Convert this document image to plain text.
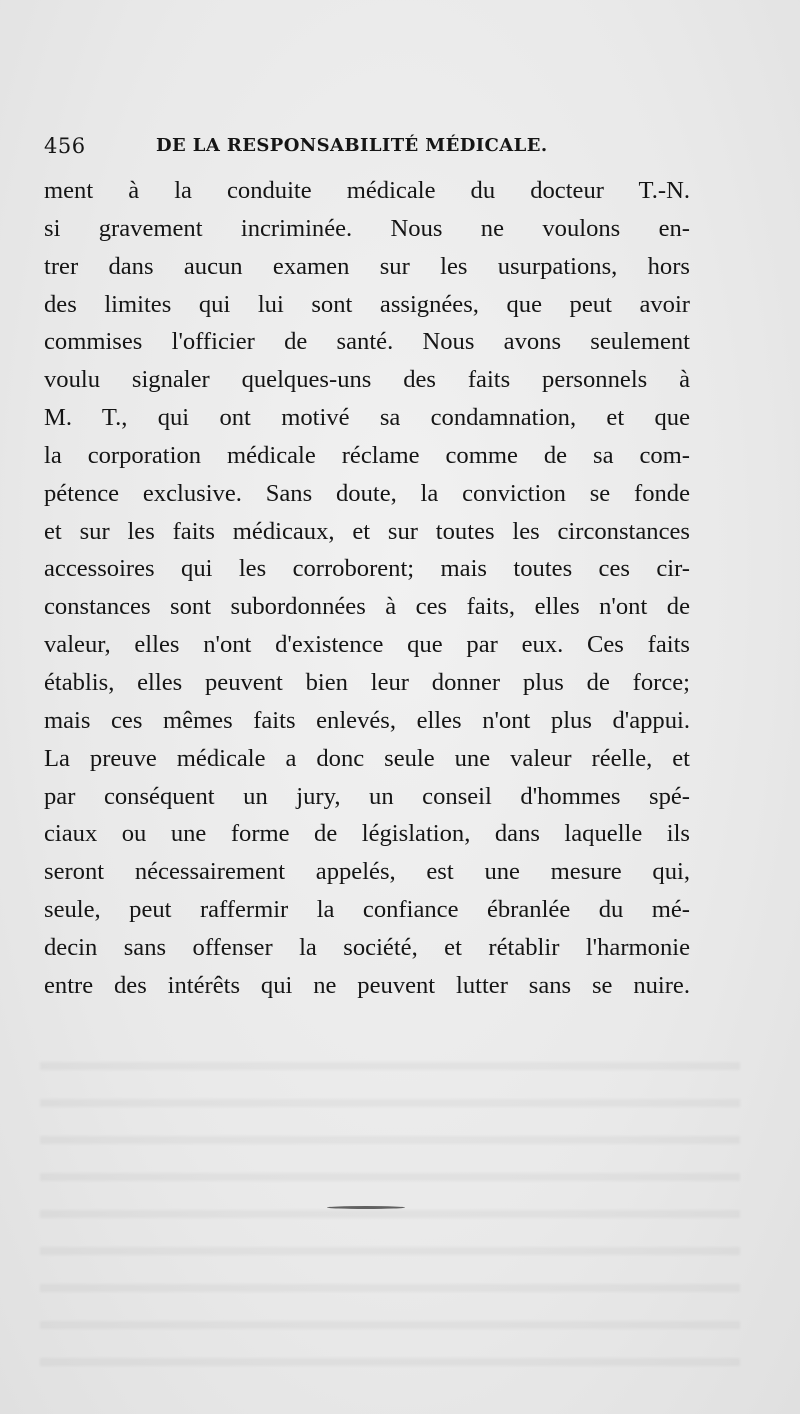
456	DE LA RESPONSABILITÉ MÉDICALE.
ment à la conduite médicale du docteur T.-N.
si gravement incriminée. Nous ne voulons en-
trer dans aucun examen sur les usurpations, hors
des limites qui lui sont assignées, que peut avoir
commises l'officier de santé. Nous avons seulement
voulu signaler quelques-uns des faits personnels à
M. T., qui ont motivé sa condamnation, et que
la corporation médicale réclame comme de sa com-
pétence exclusive. Sans doute, la conviction se fonde
et sur les faits médicaux, et sur toutes les circonstances
accessoires qui les corroborent; mais toutes ces cir-
constances sont subordonnées à ces faits, elles n'ont de
valeur, elles n'ont d'existence que par eux. Ces faits
établis, elles peuvent bien leur donner plus de force;
mais ces mêmes faits enlevés, elles n'ont plus d'appui.
La preuve médicale a donc seule une valeur réelle, et
par conséquent un jury, un conseil d'hommes spé-
ciaux ou une forme de législation, dans laquelle ils
seront nécessairement appelés, est une mesure qui,
seule, peut raffermir la confiance ébranlée du mé-
decin sans offenser la société, et rétablir l'harmonie
entre des intérêts qui ne peuvent lutter sans se nuire.
